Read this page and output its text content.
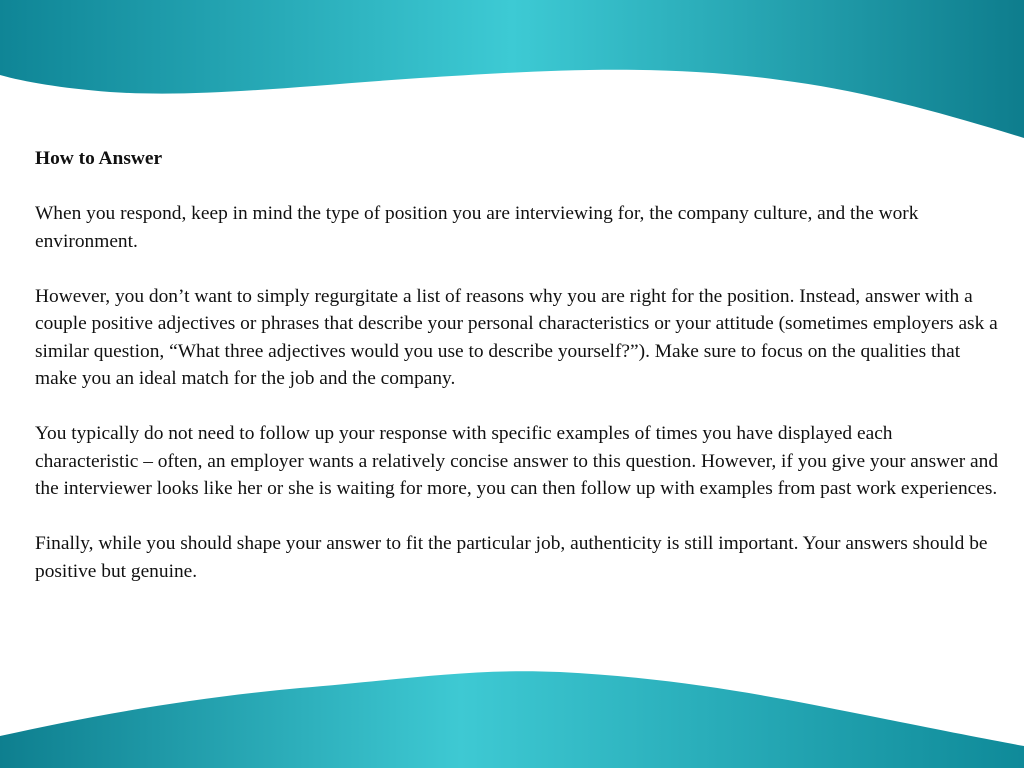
How to Answer

When you respond, keep in mind the type of position you are interviewing for, the company culture, and the work environment.

However, you don’t want to simply regurgitate a list of reasons why you are right for the position. Instead, answer with a couple positive adjectives or phrases that describe your personal characteristics or your attitude (sometimes employers ask a similar question, “What three adjectives would you use to describe yourself?”). Make sure to focus on the qualities that make you an ideal match for the job and the company.

You typically do not need to follow up your response with specific examples of times you have displayed each characteristic – often, an employer wants a relatively concise answer to this question. However, if you give your answer and the interviewer looks like her or she is waiting for more, you can then follow up with examples from past work experiences.

Finally, while you should shape your answer to fit the particular job, authenticity is still important. Your answers should be positive but genuine.
